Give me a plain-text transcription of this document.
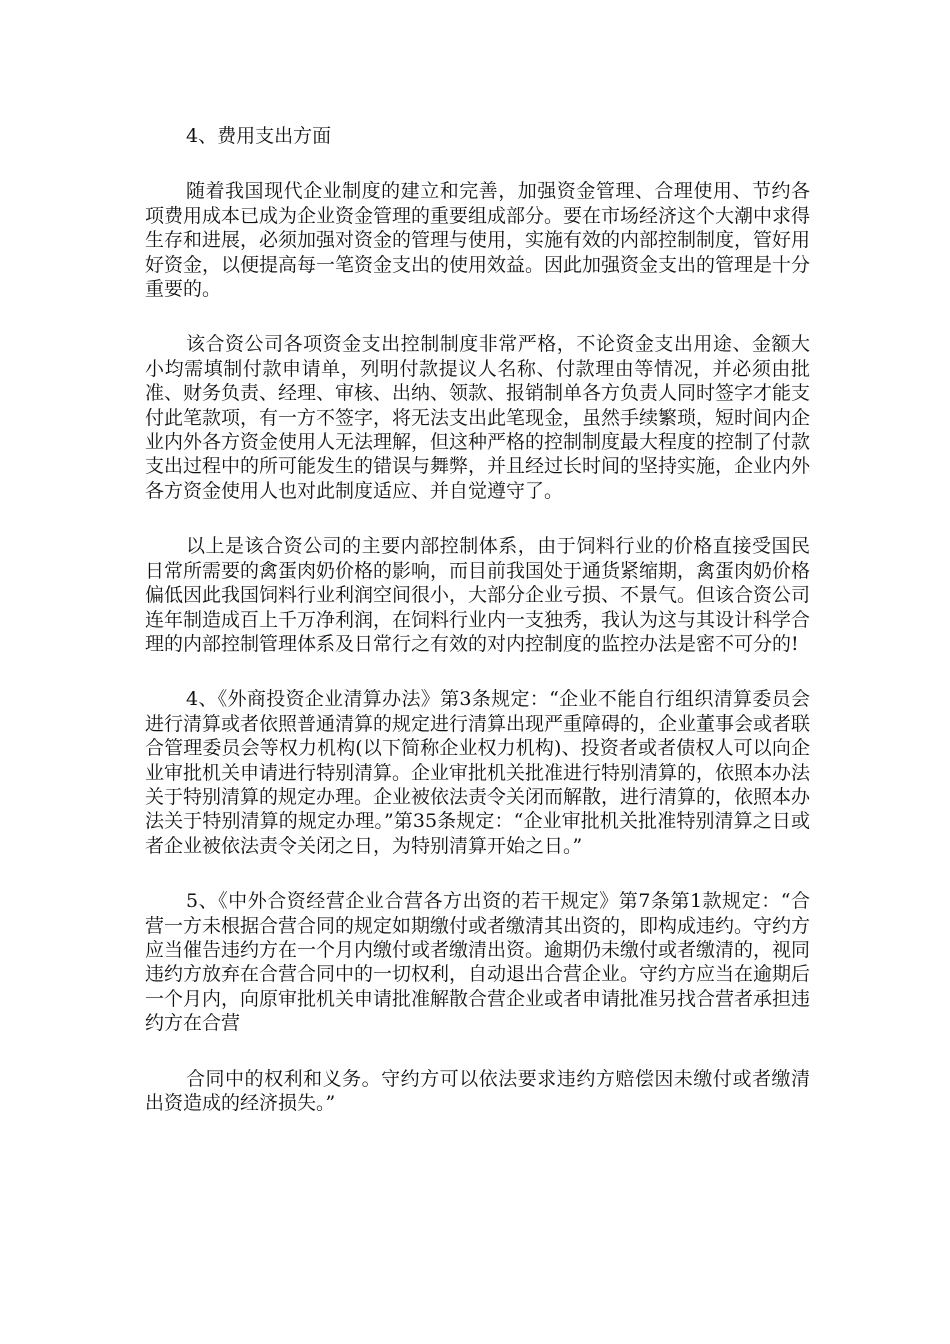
4、费用支出方面

随着我国现代企业制度的建立和完善，加强资金管理、合理使用、节约各项费用成本已成为企业资金管理的重要组成部分。要在市场经济这个大潮中求得生存和进展，必须加强对资金的管理与使用，实施有效的内部控制制度，管好用好资金，以便提高每一笔资金支出的使用效益。因此加强资金支出的管理是十分重要的。

该合资公司各项资金支出控制制度非常严格，不论资金支出用途、金额大小均需填制付款申请单，列明付款提议人名称、付款理由等情况，并必须由批准、财务负责、经理、审核、出纳、领款、报销制单各方负责人同时签字才能支付此笔款项，有一方不签字，将无法支出此笔现金，虽然手续繁琐，短时间内企业内外各方资金使用人无法理解，但这种严格的控制制度最大程度的控制了付款支出过程中的所可能发生的错误与舞弊，并且经过长时间的坚持实施，企业内外各方资金使用人也对此制度适应、并自觉遵守了。

以上是该合资公司的主要内部控制体系，由于饲料行业的价格直接受国民日常所需要的禽蛋肉奶价格的影响，而目前我国处于通货紧缩期，禽蛋肉奶价格偏低因此我国饲料行业利润空间很小，大部分企业亏损、不景气。但该合资公司连年制造成百上千万净利润，在饲料行业内一支独秀，我认为这与其设计科学合理的内部控制管理体系及日常行之有效的对内控制度的监控办法是密不可分的!

4、《外商投资企业清算办法》第3条规定：“企业不能自行组织清算委员会进行清算或者依照普通清算的规定进行清算出现严重障碍的，企业董事会或者联合管理委员会等权力机构(以下简称企业权力机构)、投资者或者债权人可以向企业审批机关申请进行特别清算。企业审批机关批准进行特别清算的，依照本办法关于特别清算的规定办理。企业被依法责令关闭而解散，进行清算的，依照本办法关于特别清算的规定办理。”第35条规定：“企业审批机关批准特别清算之日或者企业被依法责令关闭之日，为特别清算开始之日。”

5、《中外合资经营企业合营各方出资的若干规定》第7条第1款规定：“合营一方未根据合营合同的规定如期缴付或者缴清其出资的，即构成违约。守约方应当催告违约方在一个月内缴付或者缴清出资。逾期仍未缴付或者缴清的，视同违约方放弃在合营合同中的一切权利，自动退出合营企业。守约方应当在逾期后一个月内，向原审批机关申请批准解散合营企业或者申请批准另找合营者承担违约方在合营

合同中的权利和义务。守约方可以依法要求违约方赔偿因未缴付或者缴清出资造成的经济损失。”
